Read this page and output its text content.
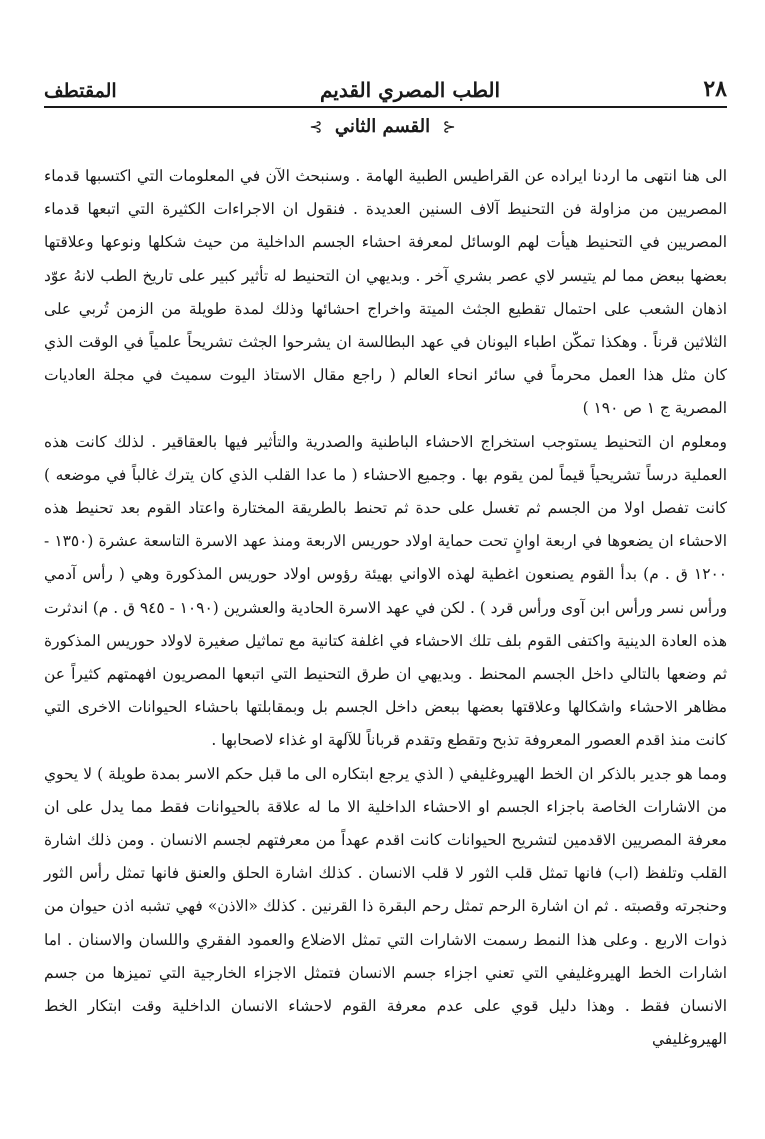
٢٨
الطب المصري القديم
المقتطف
⊰ القسم الثاني ⊱

الى هنا انتهى ما اردنا ايراده عن القراطيس الطبية الهامة . وسنبحث الآن في المعلومات التي اكتسبها قدماء المصريين من مزاولة فن التحنيط آلاف السنين العديدة . فنقول ان الاجراءات الكثيرة التي اتبعها قدماء المصريين في التحنيط هيأت لهم الوسائل لمعرفة احشاء الجسم الداخلية من حيث شكلها ونوعها وعلاقتها بعضها ببعض مما لم يتيسر لاي عصر بشري آخر . وبديهي ان التحنيط له تأثير كبير على تاريخ الطب لانهُ عوّد اذهان الشعب على احتمال تقطيع الجثث الميتة واخراج احشائها وذلك لمدة طويلة من الزمن تُربي على الثلاثين قرناً . وهكذا تمكّن اطباء اليونان في عهد البطالسة ان يشرحوا الجثث تشريحاً علمياً في الوقت الذي كان مثل هذا العمل محرماً في سائر انحاء العالم ( راجع مقال الاستاذ اليوت سميث في مجلة العاديات المصرية ج ١ ص ١٩٠ )

ومعلوم ان التحنيط يستوجب استخراج الاحشاء الباطنية والصدرية والتأثير فيها بالعقاقير . لذلك كانت هذه العملية درساً تشريحياً قيماً لمن يقوم بها . وجميع الاحشاء ( ما عدا القلب الذي كان يترك غالباً في موضعه ) كانت تفصل اولا من الجسم ثم تغسل على حدة ثم تحنط بالطريقة المختارة واعتاد القوم بعد تحنيط هذه الاحشاء ان يضعوها في اربعة اوانٍ تحت حماية اولاد حوريس الاربعة ومنذ عهد الاسرة التاسعة عشرة (١٣٥٠ - ١٢٠٠ ق . م) بدأ القوم يصنعون اغطية لهذه الاواني بهيئة رؤوس اولاد حوريس المذكورة وهي ( رأس آدمي ورأس نسر ورأس ابن آوى ورأس قرد ) . لكن في عهد الاسرة الحادية والعشرين (١٠٩٠ - ٩٤٥ ق . م) اندثرت هذه العادة الدينية واكتفى القوم بلف تلك الاحشاء في اغلفة كتانية مع تماثيل صغيرة لاولاد حوريس المذكورة ثم وضعها بالتالي داخل الجسم المحنط . وبديهي ان طرق التحنيط التي اتبعها المصريون افهمتهم كثيراً عن مظاهر الاحشاء واشكالها وعلاقتها بعضها ببعض داخل الجسم بل وبمقابلتها باحشاء الحيوانات الاخرى التي كانت منذ اقدم العصور المعروفة تذبح وتقطع وتقدم قرباناً للآلهة او غذاء لاصحابها .

ومما هو جدير بالذكر ان الخط الهيروغليفي ( الذي يرجع ابتكاره الى ما قبل حكم الاسر بمدة طويلة ) لا يحوي من الاشارات الخاصة باجزاء الجسم او الاحشاء الداخلية الا ما له علاقة بالحيوانات فقط مما يدل على ان معرفة المصريين الاقدمين لتشريح الحيوانات كانت اقدم عهداً من معرفتهم لجسم الانسان . ومن ذلك اشارة القلب وتلفظ (اب) فانها تمثل قلب الثور لا قلب الانسان . كذلك اشارة الحلق والعنق فانها تمثل رأس الثور وحنجرته وقصبته . ثم ان اشارة الرحم تمثل رحم البقرة ذا القرنين . كذلك «الاذن» فهي تشبه اذن حيوان من ذوات الاربع . وعلى هذا النمط رسمت الاشارات التي تمثل الاضلاع والعمود الفقري واللسان والاسنان . اما اشارات الخط الهيروغليفي التي تعني اجزاء جسم الانسان فتمثل الاجزاء الخارجية التي تميزها من جسم الانسان فقط . وهذا دليل قوي على عدم معرفة القوم لاحشاء الانسان الداخلية وقت ابتكار الخط الهيروغليفي
